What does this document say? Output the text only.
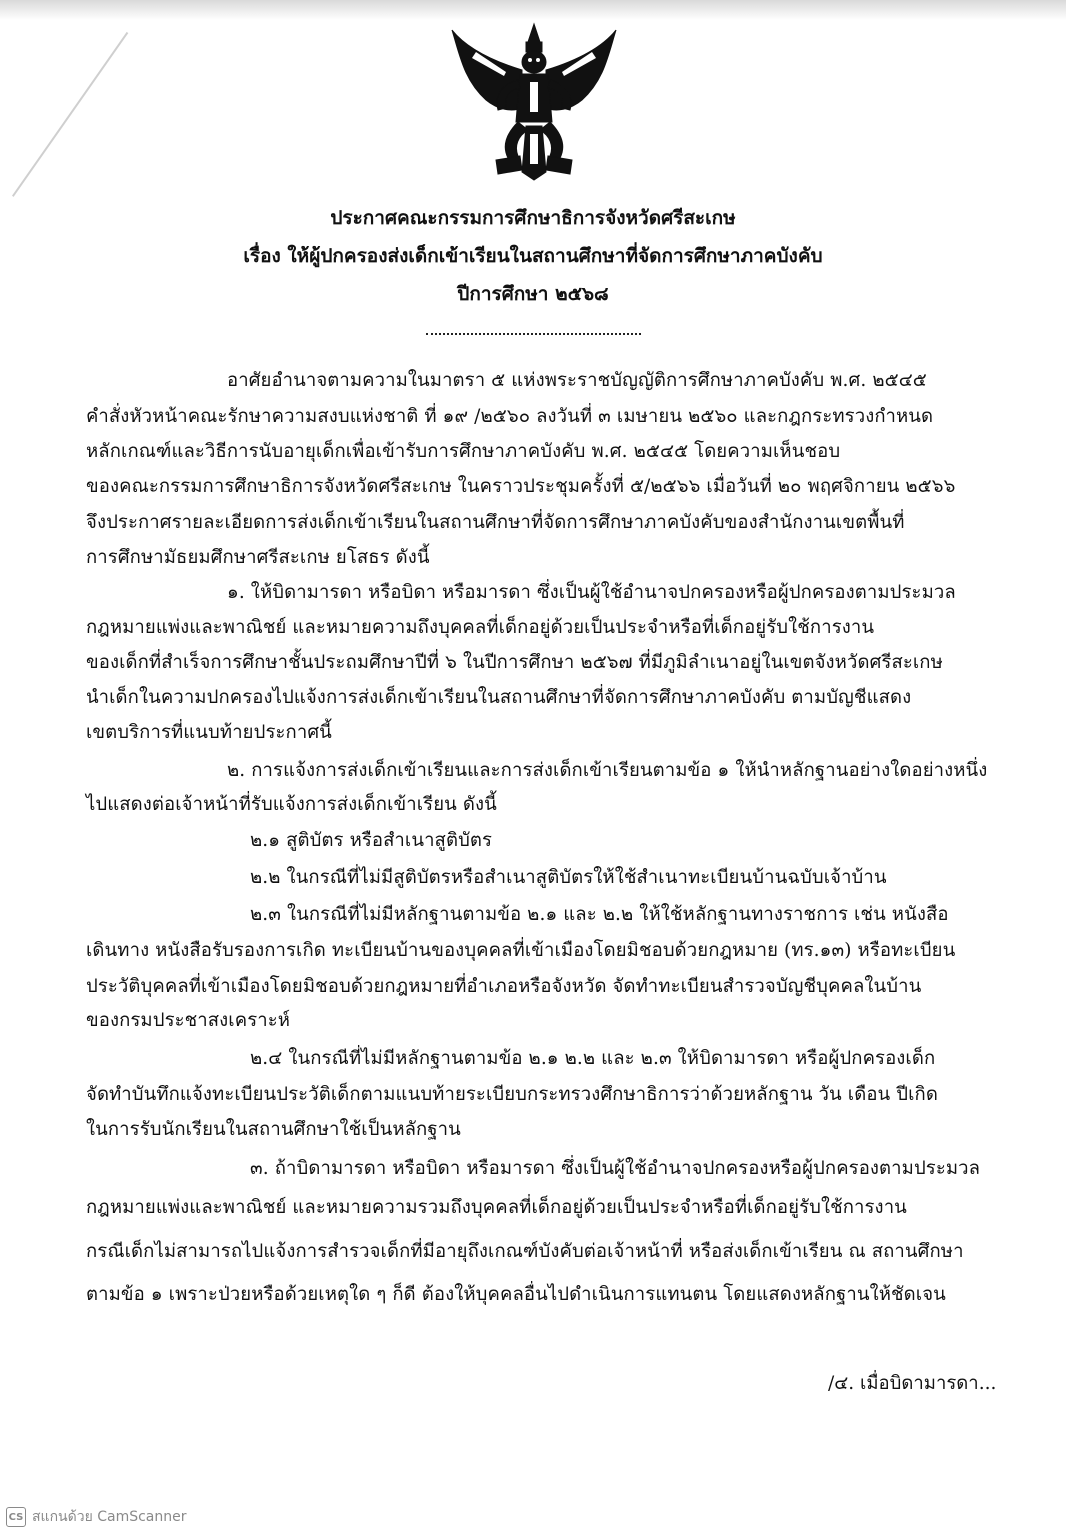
ประกาศคณะกรรมการศึกษาธิการจังหวัดศรีสะเกษ
เรื่อง ให้ผู้ปกครองส่งเด็กเข้าเรียนในสถานศึกษาที่จัดการศึกษาภาคบังคับ
ปีการศึกษา ๒๕๖๘
อาศัยอำนาจตามความในมาตรา ๕ แห่งพระราชบัญญัติการศึกษาภาคบังคับ พ.ศ. ๒๕๔๕
คำสั่งหัวหน้าคณะรักษาความสงบแห่งชาติ ที่ ๑๙ /๒๕๖๐ ลงวันที่ ๓ เมษายน ๒๕๖๐ และกฎกระทรวงกำหนด
หลักเกณฑ์และวิธีการนับอายุเด็กเพื่อเข้ารับการศึกษาภาคบังคับ พ.ศ. ๒๕๔๕ โดยความเห็นชอบ
ของคณะกรรมการศึกษาธิการจังหวัดศรีสะเกษ ในคราวประชุมครั้งที่ ๕/๒๕๖๖ เมื่อวันที่ ๒๐ พฤศจิกายน ๒๕๖๖
จึงประกาศรายละเอียดการส่งเด็กเข้าเรียนในสถานศึกษาที่จัดการศึกษาภาคบังคับของสำนักงานเขตพื้นที่
การศึกษามัธยมศึกษาศรีสะเกษ ยโสธร ดังนี้
๑. ให้บิดามารดา หรือบิดา หรือมารดา ซึ่งเป็นผู้ใช้อำนาจปกครองหรือผู้ปกครองตามประมวล
กฎหมายแพ่งและพาณิชย์ และหมายความถึงบุคคลที่เด็กอยู่ด้วยเป็นประจำหรือที่เด็กอยู่รับใช้การงาน
ของเด็กที่สำเร็จการศึกษาชั้นประถมศึกษาปีที่ ๖ ในปีการศึกษา ๒๕๖๗ ที่มีภูมิลำเนาอยู่ในเขตจังหวัดศรีสะเกษ
นำเด็กในความปกครองไปแจ้งการส่งเด็กเข้าเรียนในสถานศึกษาที่จัดการศึกษาภาคบังคับ ตามบัญชีแสดง
เขตบริการที่แนบท้ายประกาศนี้
๒. การแจ้งการส่งเด็กเข้าเรียนและการส่งเด็กเข้าเรียนตามข้อ ๑ ให้นำหลักฐานอย่างใดอย่างหนึ่ง
ไปแสดงต่อเจ้าหน้าที่รับแจ้งการส่งเด็กเข้าเรียน ดังนี้
๒.๑ สูติบัตร หรือสำเนาสูติบัตร
๒.๒ ในกรณีที่ไม่มีสูติบัตรหรือสำเนาสูติบัตรให้ใช้สำเนาทะเบียนบ้านฉบับเจ้าบ้าน
๒.๓ ในกรณีที่ไม่มีหลักฐานตามข้อ ๒.๑ และ ๒.๒ ให้ใช้หลักฐานทางราชการ เช่น หนังสือ
เดินทาง หนังสือรับรองการเกิด ทะเบียนบ้านของบุคคลที่เข้าเมืองโดยมิชอบด้วยกฎหมาย (ทร.๑๓) หรือทะเบียน
ประวัติบุคคลที่เข้าเมืองโดยมิชอบด้วยกฎหมายที่อำเภอหรือจังหวัด จัดทำทะเบียนสำรวจบัญชีบุคคลในบ้าน
ของกรมประชาสงเคราะห์
๒.๔ ในกรณีที่ไม่มีหลักฐานตามข้อ ๒.๑ ๒.๒ และ ๒.๓ ให้บิดามารดา หรือผู้ปกครองเด็ก
จัดทำบันทึกแจ้งทะเบียนประวัติเด็กตามแนบท้ายระเบียบกระทรวงศึกษาธิการว่าด้วยหลักฐาน วัน เดือน ปีเกิด
ในการรับนักเรียนในสถานศึกษาใช้เป็นหลักฐาน
๓. ถ้าบิดามารดา หรือบิดา หรือมารดา ซึ่งเป็นผู้ใช้อำนาจปกครองหรือผู้ปกครองตามประมวล
กฎหมายแพ่งและพาณิชย์ และหมายความรวมถึงบุคคลที่เด็กอยู่ด้วยเป็นประจำหรือที่เด็กอยู่รับใช้การงาน
กรณีเด็กไม่สามารถไปแจ้งการสำรวจเด็กที่มีอายุถึงเกณฑ์บังคับต่อเจ้าหน้าที่ หรือส่งเด็กเข้าเรียน ณ สถานศึกษา
ตามข้อ ๑ เพราะป่วยหรือด้วยเหตุใด ๆ ก็ดี ต้องให้บุคคลอื่นไปดำเนินการแทนตน โดยแสดงหลักฐานให้ชัดเจน
/๔. เมื่อบิดามารดา...
CS สแกนด้วย CamScanner
